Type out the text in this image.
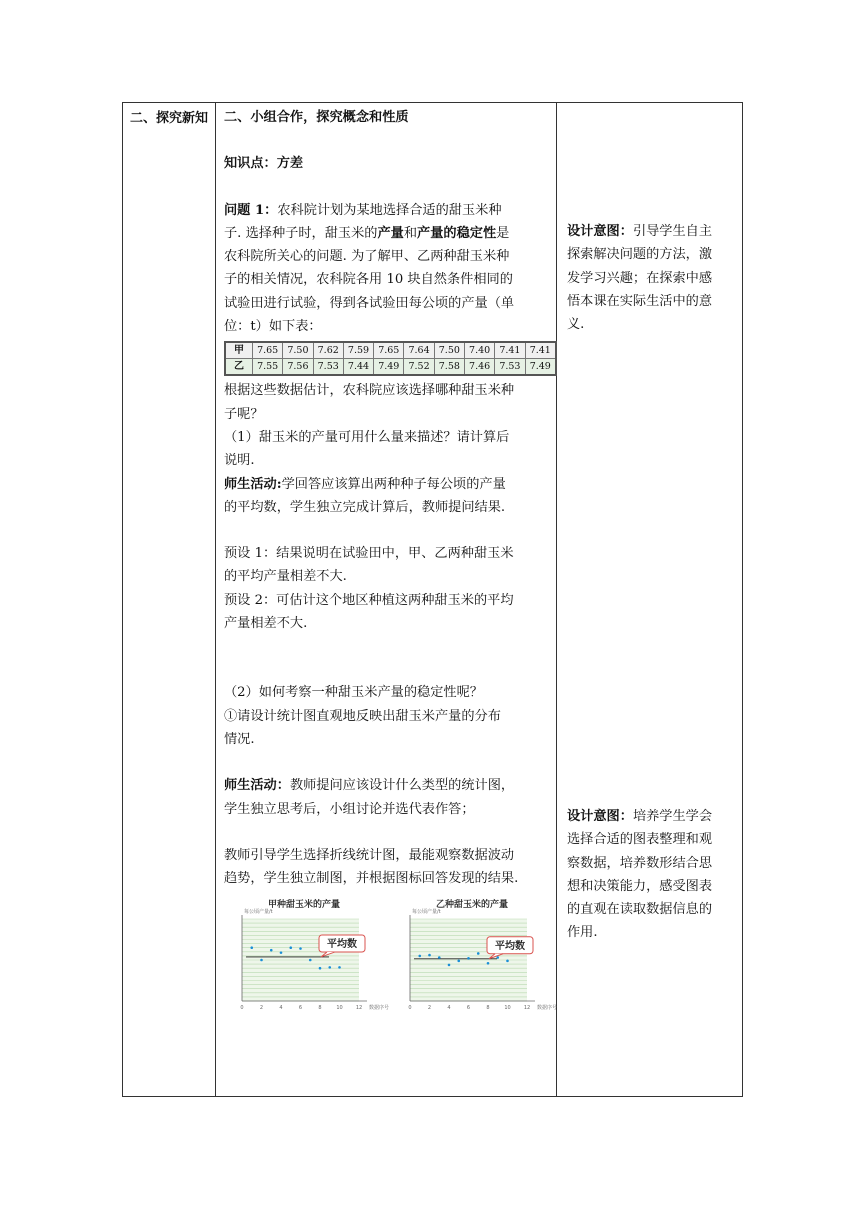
二、探究新知	二、小组合作，探究概念和性质

知识点：方差

问题 1：农科院计划为某地选择合适的甜玉米种

子. 选择种子时，甜玉米的产量和产量的稳定性是

农科院所关心的问题. 为了解甲、乙两种甜玉米种

子的相关情况，农科院各用 10 块自然条件相同的

试验田进行试验，得到各试验田每公顷的产量（单

位：t）如下表：

甲	7.65	7.50	7.62	7.59	7.65	7.64	7.50	7.40	7.41	7.41
乙	7.55	7.56	7.53	7.44	7.49	7.52	7.58	7.46	7.53	7.49

根据这些数据估计，农科院应该选择哪种甜玉米种

子呢？

（1）甜玉米的产量可用什么量来描述？请计算后

说明.

师生活动:学回答应该算出两种种子每公顷的产量

的平均数，学生独立完成计算后，教师提问结果.

预设 1：结果说明在试验田中，甲、乙两种甜玉米

的平均产量相差不大.

预设 2：可估计这个地区种植这两种甜玉米的平均

产量相差不大.

（2）如何考察一种甜玉米产量的稳定性呢？

①请设计统计图直观地反映出甜玉米产量的分布

情况.

师生活动：教师提问应该设计什么类型的统计图，

学生独立思考后，小组讨论并选代表作答；

教师引导学生选择折线统计图，最能观察数据波动

趋势，学生独立制图，并根据图标回答发现的结果.

甲种甜玉米的产量
每公顷产量/t
数据序号
0	2	4	6	8	10	12
平均数
乙种甜玉米的产量
每公顷产量/t
数据序号
0	2	4	6	8	10	12
平均数

设计意图：引导学生自主
探索解决问题的方法，激
发学习兴趣；在探索中感
悟本课在实际生活中的意
义.
设计意图：培养学生学会
选择合适的图表整理和观
察数据，培养数形结合思
想和决策能力，感受图表
的直观在读取数据信息的
作用.
